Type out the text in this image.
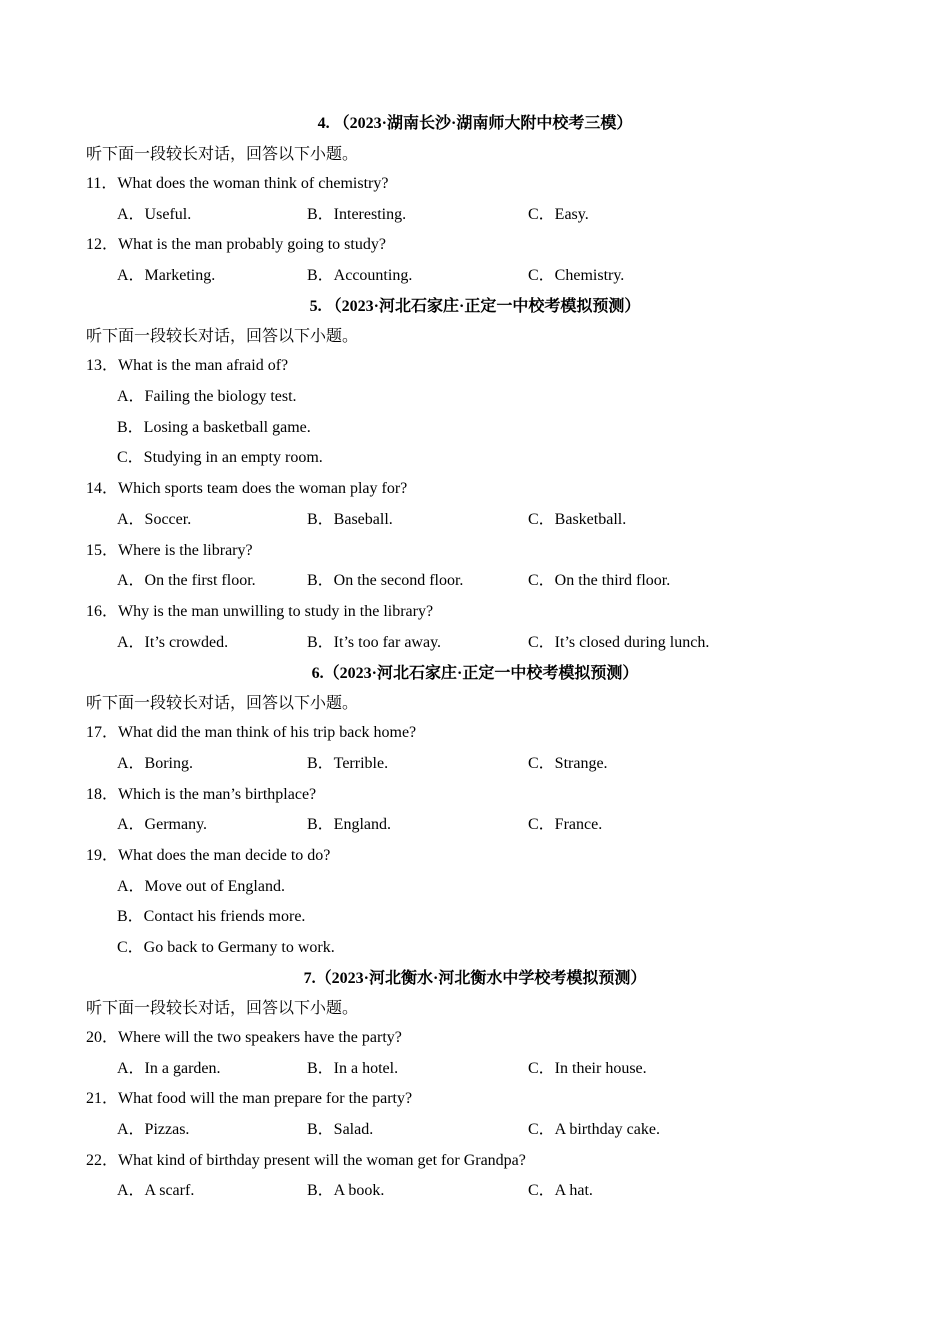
4. （2023·湖南长沙·湖南师大附中校考三模）
听下面一段较长对话，回答以下小题。
11．What does the woman think of chemistry?
A．Useful.	B．Interesting.	C．Easy.
12．What is the man probably going to study?
A．Marketing.	B．Accounting.	C．Chemistry.
5. （2023·河北石家庄·正定一中校考模拟预测）
听下面一段较长对话，回答以下小题。
13．What is the man afraid of?
A．Failing the biology test.
B．Losing a basketball game.
C．Studying in an empty room.
14．Which sports team does the woman play for?
A．Soccer.	B．Baseball.	C．Basketball.
15．Where is the library?
A．On the first floor.	B．On the second floor.	C．On the third floor.
16．Why is the man unwilling to study in the library?
A．It’s crowded.	B．It’s too far away.	C．It’s closed during lunch.
6.（2023·河北石家庄·正定一中校考模拟预测）
听下面一段较长对话，回答以下小题。
17．What did the man think of his trip back home?
A．Boring.	B．Terrible.	C．Strange.
18．Which is the man’s birthplace?
A．Germany.	B．England.	C．France.
19．What does the man decide to do?
A．Move out of England.
B．Contact his friends more.
C．Go back to Germany to work.
7.（2023·河北衡水·河北衡水中学校考模拟预测）
听下面一段较长对话，回答以下小题。
20．Where will the two speakers have the party?
A．In a garden.	B．In a hotel.	C．In their house.
21．What food will the man prepare for the party?
A．Pizzas.	B．Salad.	C．A birthday cake.
22．What kind of birthday present will the woman get for Grandpa?
A．A scarf.	B．A book.	C．A hat.
